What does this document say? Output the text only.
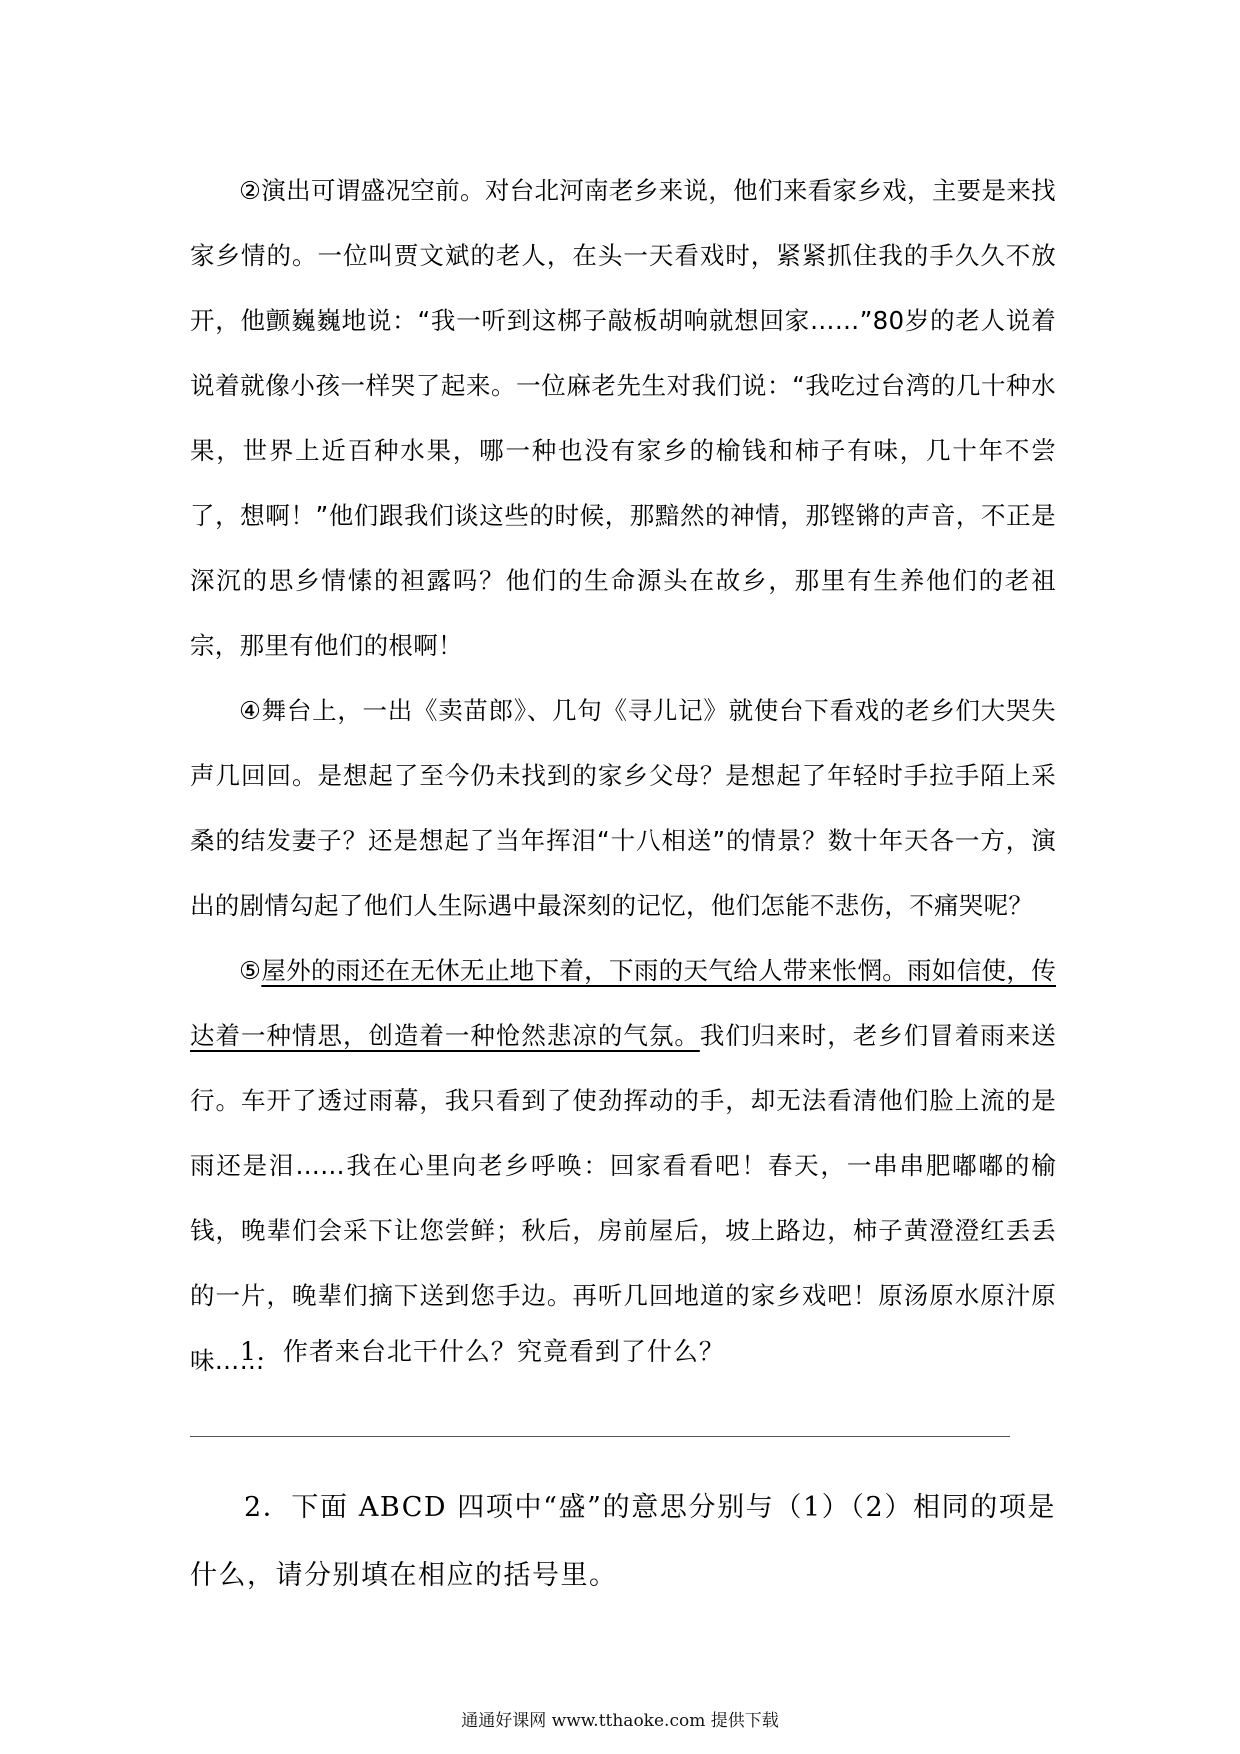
②演出可谓盛况空前。对台北河南老乡来说，他们来看家乡戏，主要是来找家乡情的。一位叫贾文斌的老人，在头一天看戏时，紧紧抓住我的手久久不放开，他颤巍巍地说：“我一听到这梆子敲板胡响就想回家……”80岁的老人说着说着就像小孩一样哭了起来。一位麻老先生对我们说：“我吃过台湾的几十种水果，世界上近百种水果，哪一种也没有家乡的榆钱和柿子有味，几十年不尝了，想啊！”他们跟我们谈这些的时候，那黯然的神情，那铿锵的声音，不正是深沉的思乡情愫的袒露吗？他们的生命源头在故乡，那里有生养他们的老祖宗，那里有他们的根啊！

④舞台上，一出《卖苗郎》、几句《寻儿记》就使台下看戏的老乡们大哭失声几回回。是想起了至今仍未找到的家乡父母？是想起了年轻时手拉手陌上采桑的结发妻子？还是想起了当年挥泪“十八相送”的情景？数十年天各一方，演出的剧情勾起了他们人生际遇中最深刻的记忆，他们怎能不悲伤，不痛哭呢？

⑤屋外的雨还在无休无止地下着，下雨的天气给人带来怅惘。雨如信使，传达着一种情思，创造着一种怆然悲凉的气氛。我们归来时，老乡们冒着雨来送行。车开了透过雨幕，我只看到了使劲挥动的手，却无法看清他们脸上流的是雨还是泪……我在心里向老乡呼唤：回家看看吧！春天，一串串肥嘟嘟的榆钱，晚辈们会采下让您尝鲜；秋后，房前屋后，坡上路边，柿子黄澄澄红丢丢的一片，晚辈们摘下送到您手边。再听几回地道的家乡戏吧！原汤原水原汁原味……

1．作者来台北干什么？究竟看到了什么？

2．下面 ABCD 四项中“盛”的意思分别与（1）（2）相同的项是什么，请分别填在相应的括号里。

通通好课网 www.tthaoke.com 提供下载
